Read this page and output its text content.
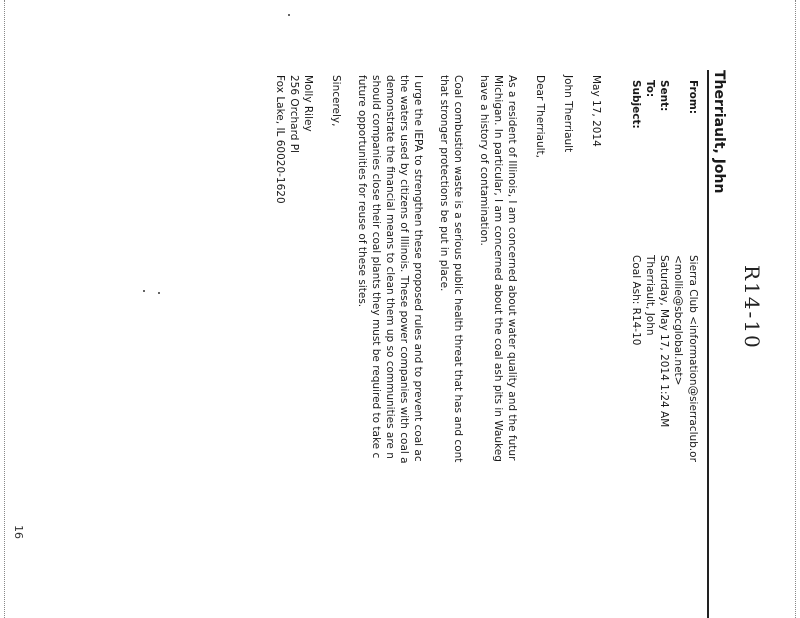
R14-10
Therriault, John
From:
Sierra Club <information@sierraclub.or
<mollie@sbcglobal.net>
Sent:
Saturday, May 17, 2014 1:24 AM
To:
Therriault, John
Subject:
Coal Ash: R14-10
May 17, 2014
John Therriault
Dear Therriault,
As a resident of Illinois, I am concerned about water quality and the futur
Michigan. In particular, I am concerned about the coal ash pits in Waukeg
have a history of contamination.
Coal combustion waste is a serious public health threat that has and cont
that stronger protections be put in place.
I urge the IEPA to strengthen these proposed rules and to prevent coal ac
the waters used by citizens of Illinois. These power companies with coal a
demonstrate the financial means to clean them up so communities are n
should companies close their coal plants they must be required to take c
future opportunities for reuse of these sites.
Sincerely,
Molly Riley
256 Orchard Pl
Fox Lake, IL 60020-1620
16
